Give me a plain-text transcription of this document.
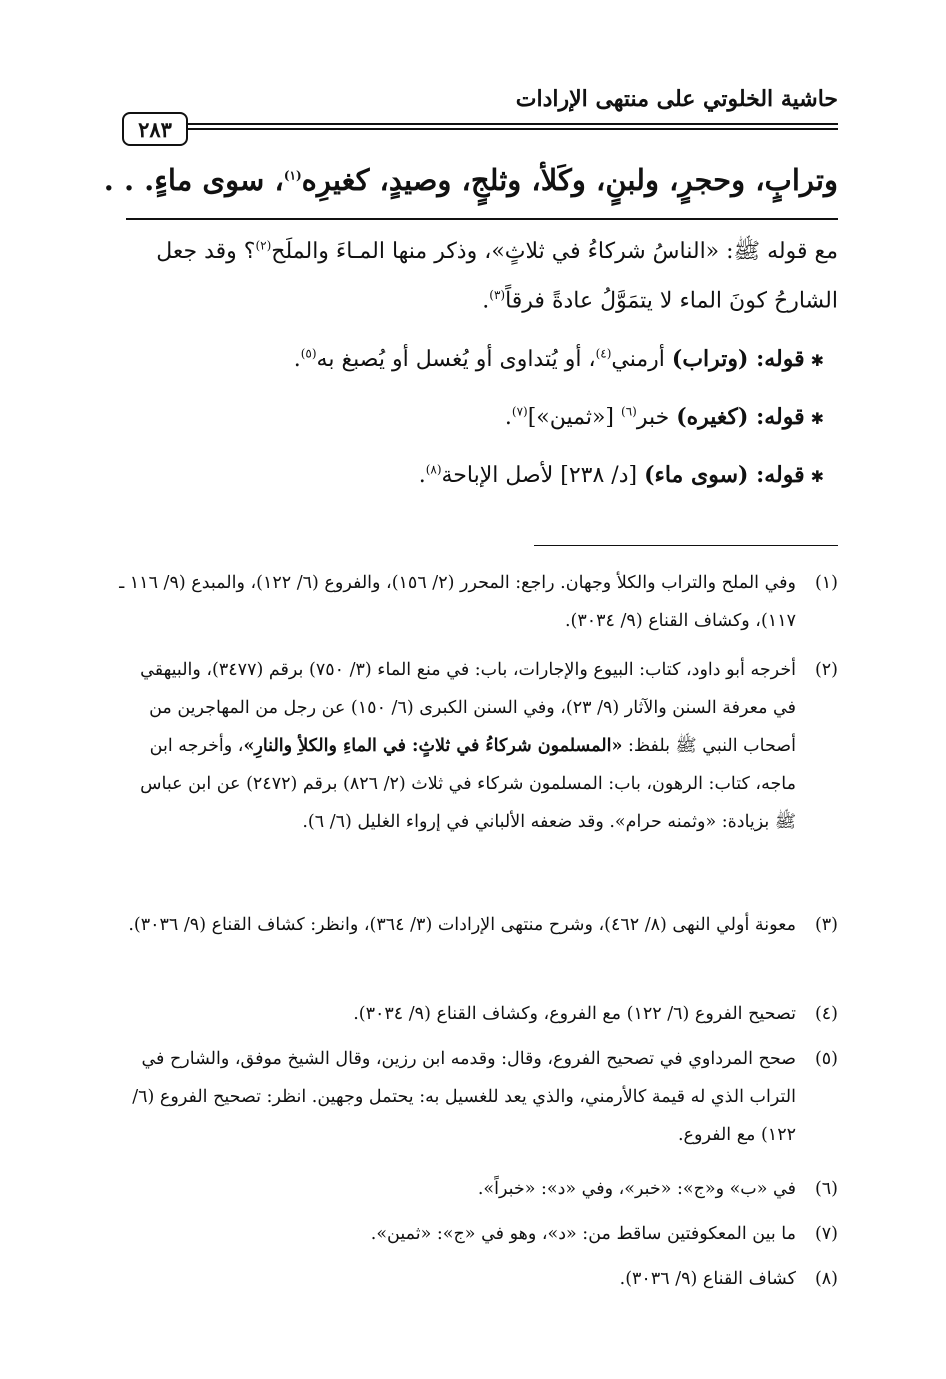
حاشية الخلوتي على منتهى الإرادات
٢٨٣
وترابٍ، وحجرٍ، ولبنٍ، وكَلأ، وثلجٍ، وصيدٍ، كغيرِه$^{(١)}$، سوى ماءٍ. . .
مع قوله ﷺ: «الناسُ شركاءُ في ثلاثٍ»، وذكر منها المـاءَ والملَح$^{(٢)}$؟ وقد جعل
الشارحُ كونَ الماء لا يتمَوَّلُ عادةً فرقاً$^{(٣)}$.
✱قوله: (وتراب) أرمني$^{(٤)}$، أو يُتداوى أو يُغسل أو يُصبغ به$^{(٥)}$.
✱قوله: (كغيره) خبر$^{(٦)}$ [«ثمين»]$^{(٧)}$.
✱قوله: (سوى ماء) [د/ ٢٣٨] لأصل الإباحة$^{(٨)}$.
(١)
وفي الملح والتراب والكلأ وجهان. راجع: المحرر (٢/ ١٥٦)، والفروع (٦/ ١٢٢)، والمبدع (٩/ ١١٦ ـ ١١٧)، وكشاف القناع (٩/ ٣٠٣٤).
(٢)
أخرجه أبو داود، كتاب: البيوع والإجارات، باب: في منع الماء (٣/ ٧٥٠) برقم (٣٤٧٧)، والبيهقي في معرفة السنن والآثار (٩/ ٢٣)، وفي السنن الكبرى (٦/ ١٥٠) عن رجل من المهاجرين من أصحاب النبي ﷺ بلفظ: «المسلمون شركاءُ في ثلاثٍ: في الماءِ والكلأِ والنارِ»، وأخرجه ابن ماجه، كتاب: الرهون، باب: المسلمون شركاء في ثلاث (٢/ ٨٢٦) برقم (٢٤٧٢) عن ابن عباس ﷺ بزيادة: «وثمنه حرام». وقد ضعفه الألباني في إرواء الغليل (٦/ ٦).
(٣)
معونة أولي النهى (٨/ ٤٦٢)، وشرح منتهى الإرادات (٣/ ٣٦٤)، وانظر: كشاف القناع (٩/ ٣٠٣٦).
(٤)
تصحيح الفروع (٦/ ١٢٢) مع الفروع، وكشاف القناع (٩/ ٣٠٣٤).
(٥)
صحح المرداوي في تصحيح الفروع، وقال: وقدمه ابن رزين، وقال الشيخ موفق، والشارح في التراب الذي له قيمة كالأرمني، والذي يعد للغسيل به: يحتمل وجهين. انظر: تصحيح الفروع (٦/ ١٢٢) مع الفروع.
(٦)
في «ب» و«ج»: «خبر»، وفي «د»: «خبراً».
(٧)
ما بين المعكوفتين ساقط من: «د»، وهو في «ج»: «ثمين».
(٨)
كشاف القناع (٩/ ٣٠٣٦).
